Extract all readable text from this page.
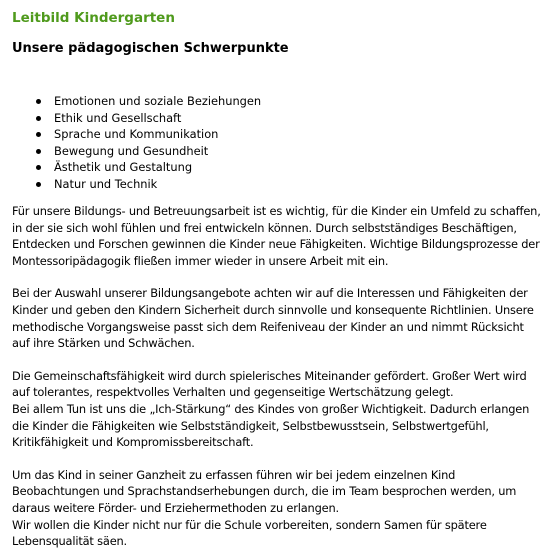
Leitbild Kindergarten
Unsere pädagogischen Schwerpunkte
Emotionen und soziale Beziehungen
Ethik und Gesellschaft
Sprache und Kommunikation
Bewegung und Gesundheit
Ästhetik und Gestaltung
Natur und Technik

Für unsere Bildungs- und Betreuungsarbeit ist es wichtig, für die Kinder ein Umfeld zu schaffen, in der sie sich wohl fühlen und frei entwickeln können. Durch selbstständiges Beschäftigen, Entdecken und Forschen gewinnen die Kinder neue Fähigkeiten. Wichtige Bildungsprozesse der Montessoripädagogik fließen immer wieder in unsere Arbeit mit ein.

Bei der Auswahl unserer Bildungsangebote achten wir auf die Interessen und Fähigkeiten der Kinder und geben den Kindern Sicherheit durch sinnvolle und konsequente Richtlinien. Unsere methodische Vorgangsweise passt sich dem Reifeniveau der Kinder an und nimmt Rücksicht auf ihre Stärken und Schwächen.

Die Gemeinschaftsfähigkeit wird durch spielerisches Miteinander gefördert. Großer Wert wird auf tolerantes, respektvolles Verhalten und gegenseitige Wertschätzung gelegt.

Bei allem Tun ist uns die „Ich-Stärkung“ des Kindes von großer Wichtigkeit. Dadurch erlangen die Kinder die Fähigkeiten wie Selbstständigkeit, Selbstbewusstsein, Selbstwertgefühl, Kritikfähigkeit und Kompromissbereitschaft.

Um das Kind in seiner Ganzheit zu erfassen führen wir bei jedem einzelnen Kind Beobachtungen und Sprachstandserhebungen durch, die im Team besprochen werden, um daraus weitere Förder- und Erziehermethoden zu erlangen.

Wir wollen die Kinder nicht nur für die Schule vorbereiten, sondern Samen für spätere Lebensqualität säen.
